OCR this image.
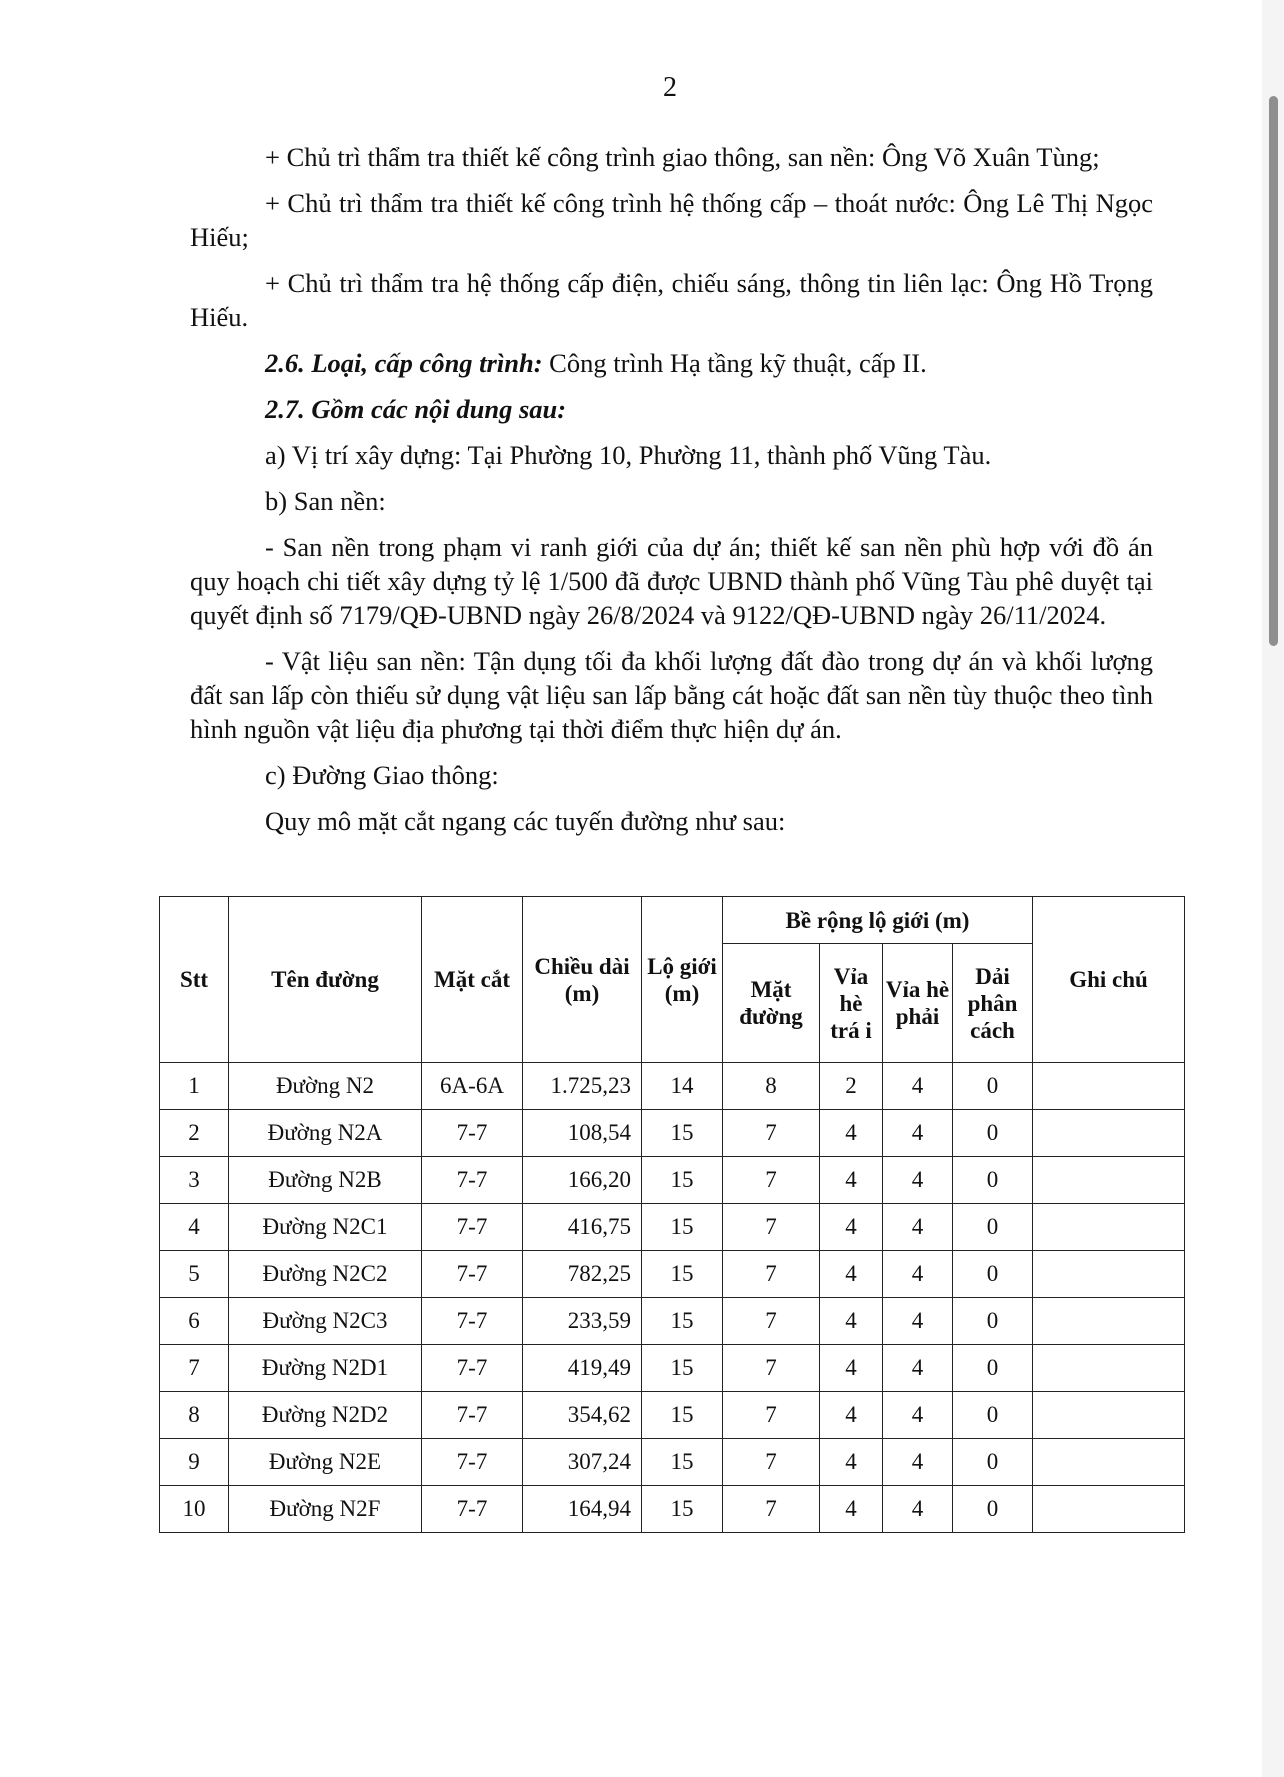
2

+ Chủ trì thẩm tra thiết kế công trình giao thông, san nền: Ông Võ Xuân Tùng;

+ Chủ trì thẩm tra thiết kế công trình hệ thống cấp – thoát nước: Ông Lê Thị Ngọc Hiếu;

+ Chủ trì thẩm tra hệ thống cấp điện, chiếu sáng, thông tin liên lạc: Ông Hồ Trọng Hiếu.

2.6. Loại, cấp công trình: Công trình Hạ tầng kỹ thuật, cấp II.

2.7. Gồm các nội dung sau:

a) Vị trí xây dựng: Tại Phường 10, Phường 11, thành phố Vũng Tàu.

b) San nền:

- San nền trong phạm vi ranh giới của dự án; thiết kế san nền phù hợp với đồ án quy hoạch chi tiết xây dựng tỷ lệ 1/500 đã được UBND thành phố Vũng Tàu phê duyệt tại quyết định số 7179/QĐ-UBND ngày 26/8/2024 và 9122/QĐ-UBND ngày 26/11/2024.

- Vật liệu san nền: Tận dụng tối đa khối lượng đất đào trong dự án và khối lượng đất san lấp còn thiếu sử dụng vật liệu san lấp bằng cát hoặc đất san nền tùy thuộc theo tình hình nguồn vật liệu địa phương tại thời điểm thực hiện dự án.

c) Đường Giao thông:

Quy mô mặt cắt ngang các tuyến đường như sau:

Stt	Tên đường	Mặt cắt	Chiều dài (m)	Lộ giới (m)	Bề rộng lộ giới (m)				Ghi chú
					Mặt đường	Vỉa hè trá i	Vỉa hè phải	Dải phân cách	
1	Đường N2	6A-6A	1.725,23	14	8	2	4	0	
2	Đường N2A	7-7	108,54	15	7	4	4	0	
3	Đường N2B	7-7	166,20	15	7	4	4	0	
4	Đường N2C1	7-7	416,75	15	7	4	4	0	
5	Đường N2C2	7-7	782,25	15	7	4	4	0	
6	Đường N2C3	7-7	233,59	15	7	4	4	0	
7	Đường N2D1	7-7	419,49	15	7	4	4	0	
8	Đường N2D2	7-7	354,62	15	7	4	4	0	
9	Đường N2E	7-7	307,24	15	7	4	4	0	
10	Đường N2F	7-7	164,94	15	7	4	4	0	
